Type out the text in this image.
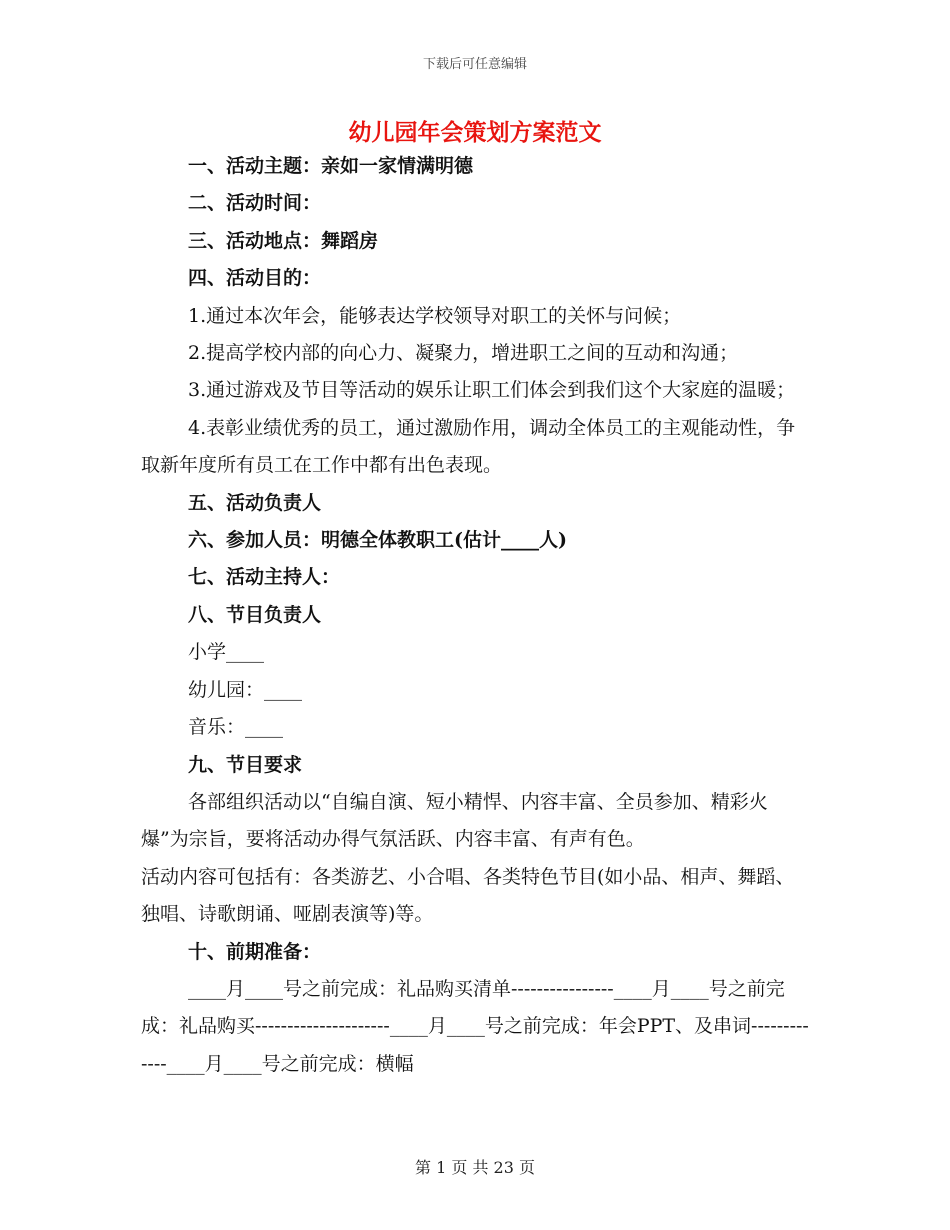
下载后可任意编辑
幼儿园年会策划方案范文

一、活动主题：亲如一家情满明德

二、活动时间：

三、活动地点：舞蹈房

四、活动目的：

1.通过本次年会，能够表达学校领导对职工的关怀与问候；

2.提高学校内部的向心力、凝聚力，增进职工之间的互动和沟通；

3.通过游戏及节目等活动的娱乐让职工们体会到我们这个大家庭的温暖；

4.表彰业绩优秀的员工，通过激励作用，调动全体员工的主观能动性，争取新年度所有员工在工作中都有出色表现。

五、活动负责人

六、参加人员：明德全体教职工(估计____人)

七、活动主持人：

八、节目负责人

小学____

幼儿园：____

音乐：____

九、节目要求

各部组织活动以“自编自演、短小精悍、内容丰富、全员参加、精彩火爆”为宗旨，要将活动办得气氛活跃、内容丰富、有声有色。

活动内容可包括有：各类游艺、小合唱、各类特色节目(如小品、相声、舞蹈、独唱、诗歌朗诵、哑剧表演等)等。

十、前期准备：

____月____号之前完成：礼品购买清单----------------____月____号之前完成：礼品购买---------------------____月____号之前完成：年会PPT、及串词-------------____月____号之前完成：横幅

第 1 页 共 23 页
